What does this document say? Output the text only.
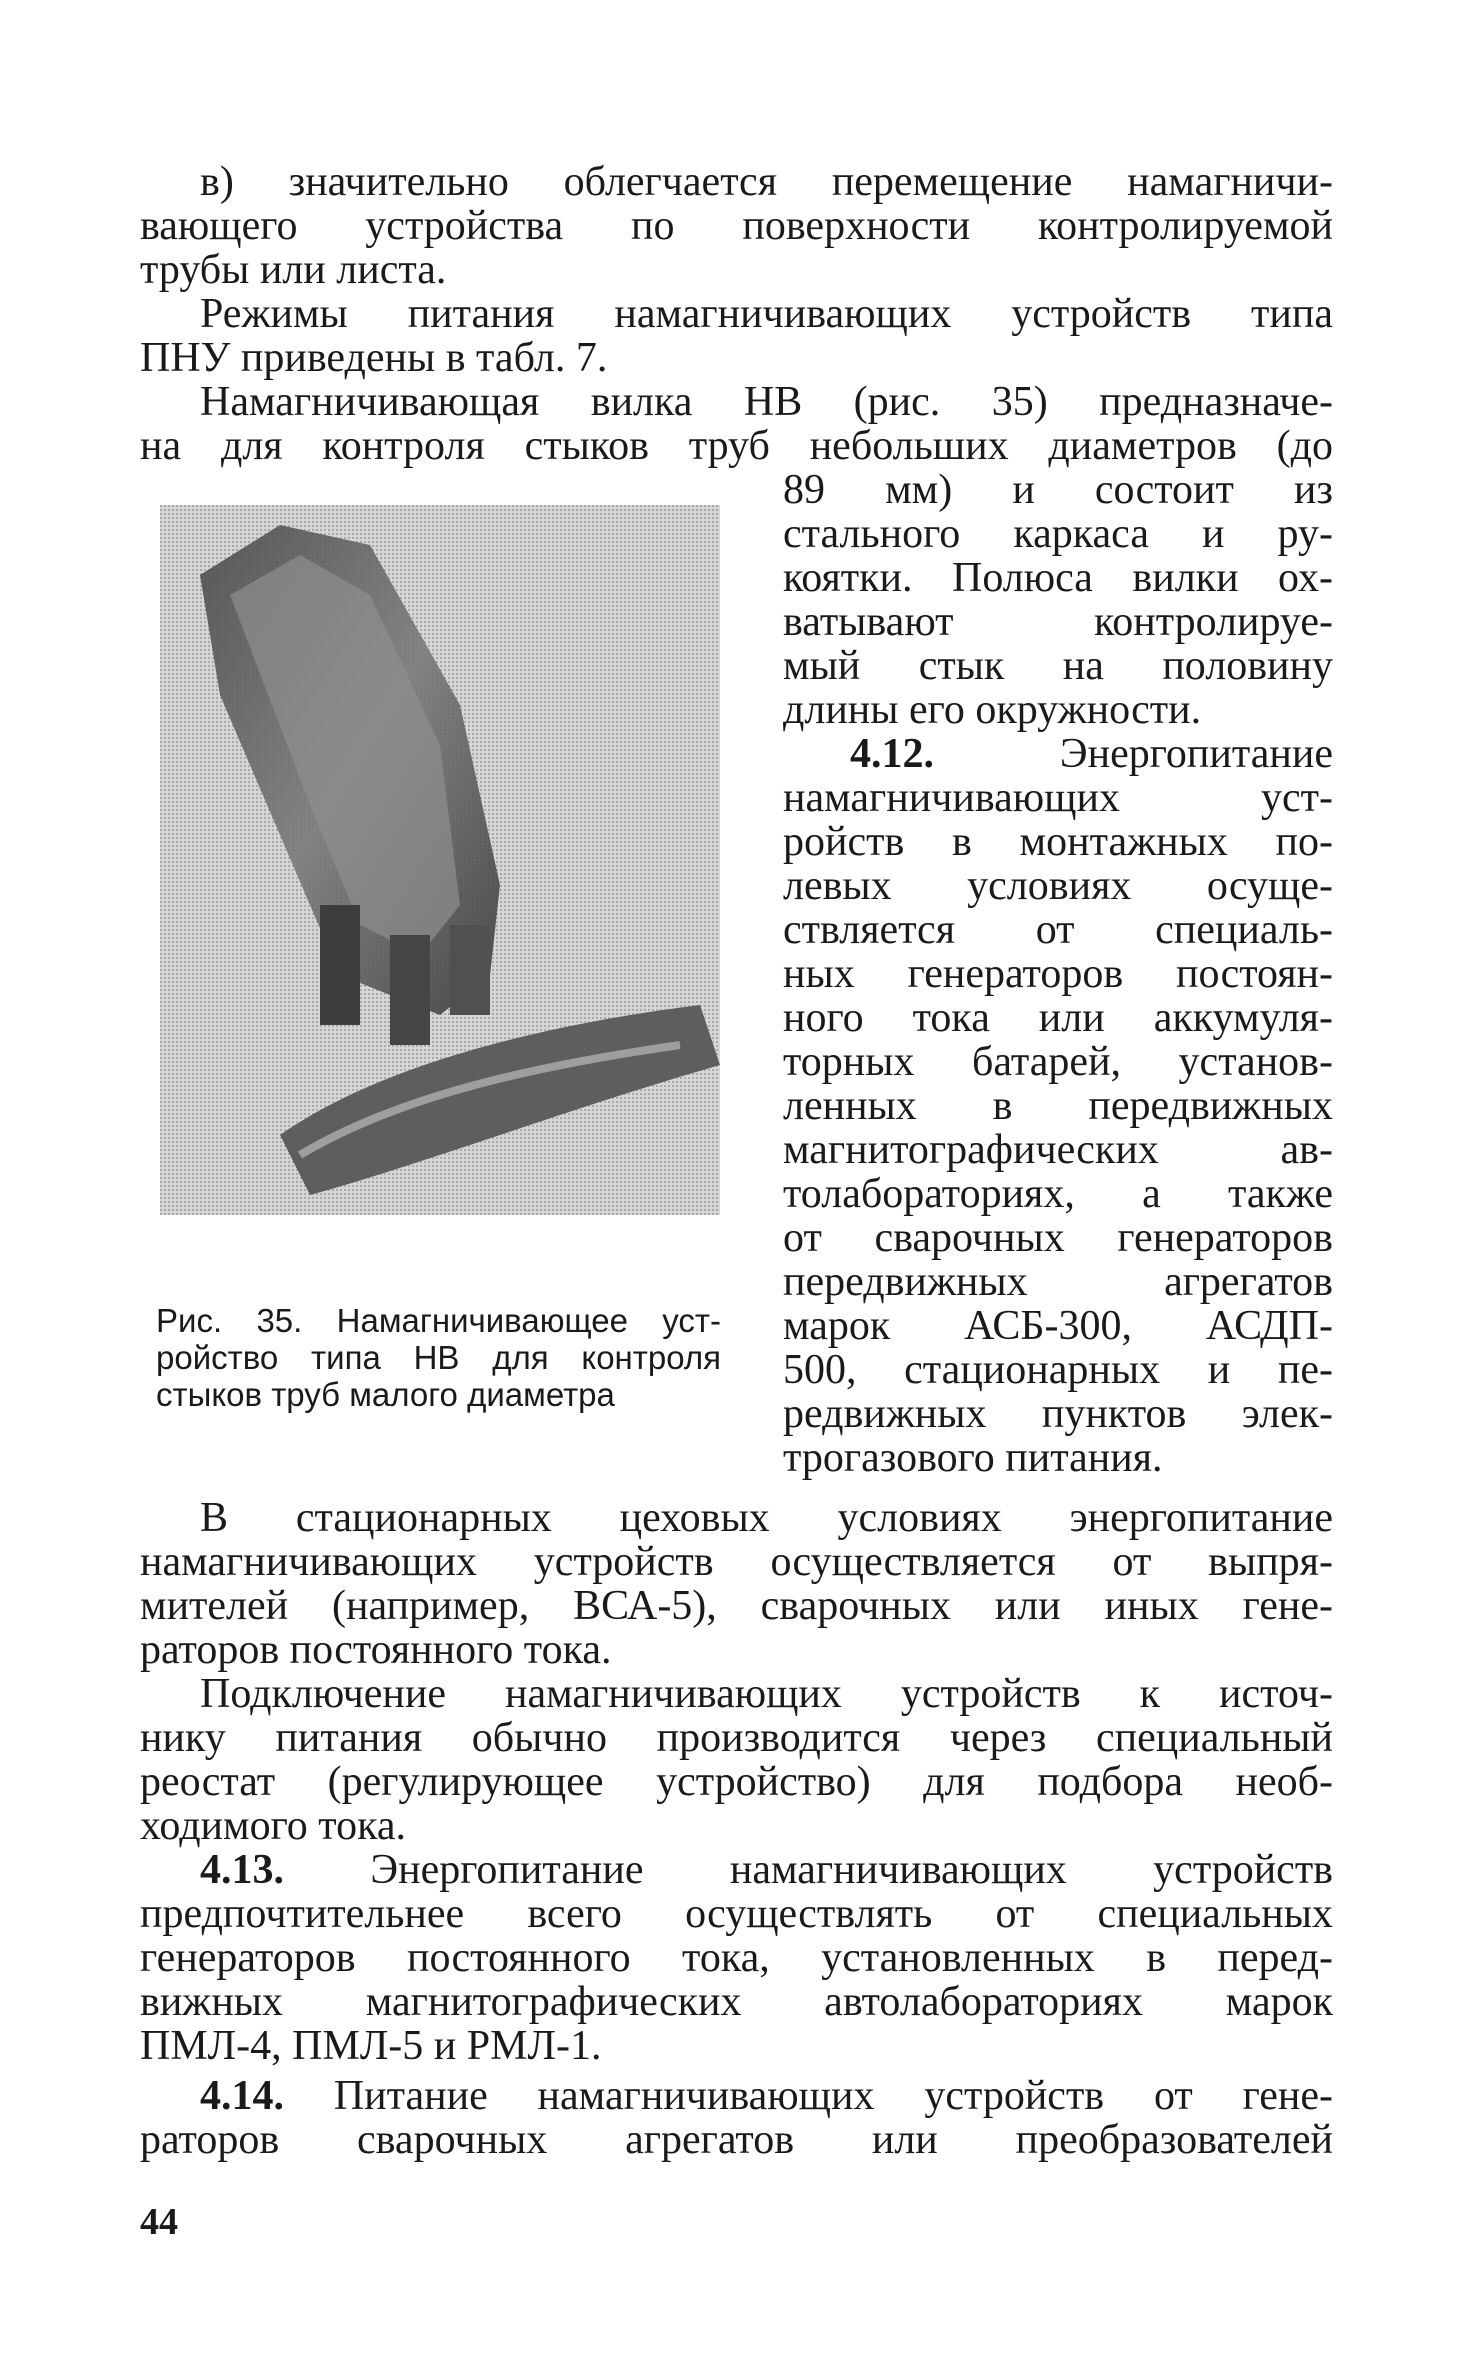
в) значительно облегчается перемещение намагничи-
вающего устройства по поверхности контролируемой
трубы или листа.
Режимы питания намагничивающих устройств типа
ПНУ приведены в табл. 7.
Намагничивающая вилка НВ (рис. 35) предназначе-
на для контроля стыков труб небольших диаметров (до
89 мм) и состоит из
стального каркаса и ру-
коятки. Полюса вилки ох-
ватывают контролируе-
мый стык на половину
длины его окружности.
4.12.	Энергопитание
намагничивающих уст-
ройств в монтажных по-
левых условиях осуще-
ствляется от специаль-
ных генераторов постоян-
ного тока или аккумуля-
торных батарей, установ-
ленных в передвижных
магнитографических ав-
толабораториях, а также
от сварочных генераторов
передвижных агрегатов
марок АСБ-300, АСДП-
500, стационарных и пе-
редвижных пунктов элек-
трогазового питания.
Рис. 35. Намагничивающее уст-
ройство типа НВ для контроля
стыков труб малого диаметра
В стационарных цеховых условиях энергопитание
намагничивающих устройств осуществляется от выпря-
мителей (например, ВСА-5), сварочных или иных гене-
раторов постоянного тока.
Подключение намагничивающих устройств к источ-
нику питания обычно производится через специальный
реостат (регулирующее устройство) для подбора необ-
ходимого тока.
4.13. Энергопитание намагничивающих устройств
предпочтительнее всего осуществлять от специальных
генераторов постоянного тока, установленных в перед-
вижных магнитографических автолабораториях марок
ПМЛ-4, ПМЛ-5 и РМЛ-1.
4.14. Питание намагничивающих устройств от гене-
раторов сварочных агрегатов или преобразователей
44
